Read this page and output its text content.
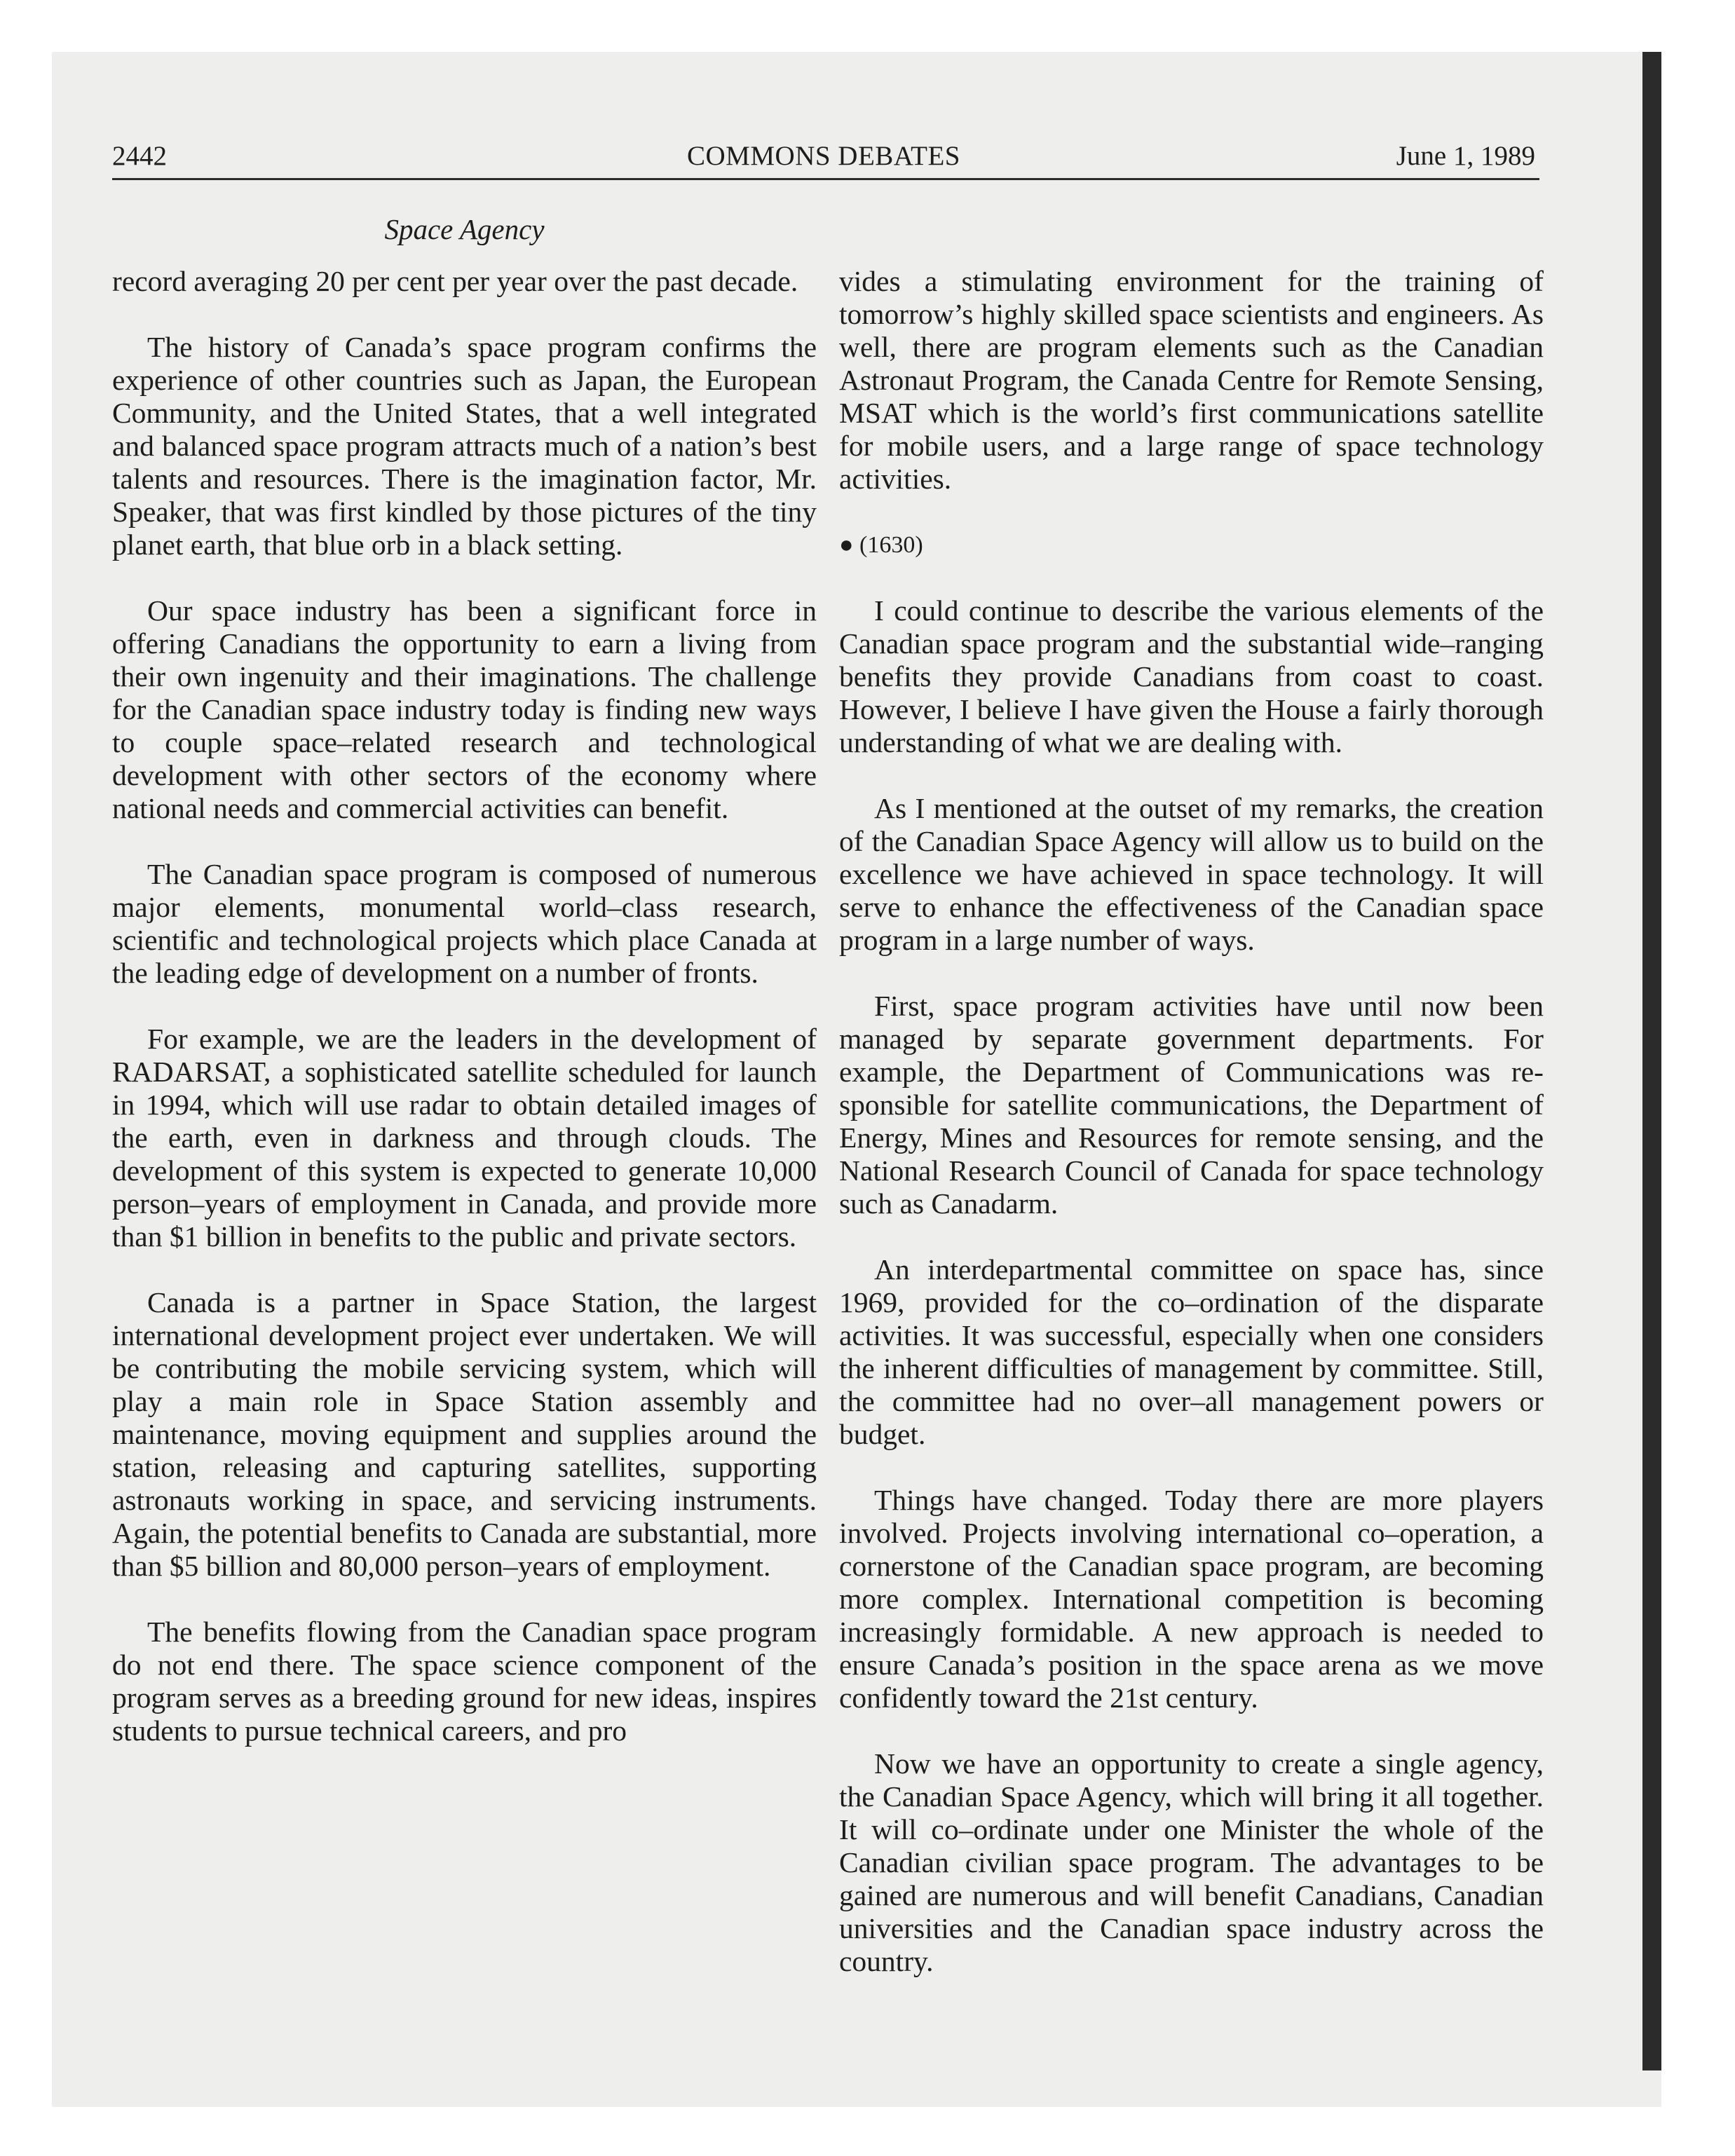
2442	COMMONS DEBATES	June 1, 1989
Space Agency

record averaging 20 per cent per year over the past decade.

The history of Canada’s space program confirms the experience of other countries such as Japan, the European Community, and the United States, that a well integrated and balanced space program attracts much of a nation’s best talents and resources. There is the imagination factor, Mr. Speaker, that was first kindled by those pictures of the tiny planet earth, that blue orb in a black setting.

Our space industry has been a significant force in offering Canadians the opportunity to earn a living from their own ingenuity and their imaginations. The challenge for the Canadian space industry today is finding new ways to couple space–related research and technological development with other sectors of the economy where national needs and commercial activities can benefit.

The Canadian space program is composed of numerous major elements, monumental world–class research, scientific and technological projects which place Canada at the leading edge of development on a number of fronts.

For example, we are the leaders in the development of RADARSAT, a sophisticated satellite scheduled for launch in 1994, which will use radar to obtain detailed images of the earth, even in darkness and through clouds. The development of this system is expected to generate 10,000 person–years of employment in Canada, and provide more than $1 billion in benefits to the public and private sectors.

Canada is a partner in Space Station, the largest international development project ever undertaken. We will be contributing the mobile servicing system, which will play a main role in Space Station assembly and maintenance, moving equipment and supplies around the station, releasing and capturing satellites, supporting astronauts working in space, and servicing instruments. Again, the potential benefits to Canada are substantial, more than $5 billion and 80,000 person–years of employment.

The benefits flowing from the Canadian space program do not end there. The space science component of the program serves as a breeding ground for new ideas, inspires students to pursue technical careers, and pro

vides a stimulating environment for the training of tomorrow’s highly skilled space scientists and engineers. As well, there are program elements such as the Canadian Astronaut Program, the Canada Centre for Remote Sensing, MSAT which is the world’s first communications satellite for mobile users, and a large range of space technology activities.

● (1630)

I could continue to describe the various elements of the Canadian space program and the substantial wide–ranging benefits they provide Canadians from coast to coast. However, I believe I have given the House a fairly thorough understanding of what we are dealing with.

As I mentioned at the outset of my remarks, the creation of the Canadian Space Agency will allow us to build on the excellence we have achieved in space technology. It will serve to enhance the effectiveness of the Canadian space program in a large number of ways.

First, space program activities have until now been managed by separate government departments. For example, the Department of Communications was responsible for satellite communications, the Department of Energy, Mines and Resources for remote sensing, and the National Research Council of Canada for space technology such as Canadarm.

An interdepartmental committee on space has, since 1969, provided for the co–ordination of the disparate activities. It was successful, especially when one considers the inherent difficulties of management by committee. Still, the committee had no over–all management powers or budget.

Things have changed. Today there are more players involved. Projects involving international co–operation, a cornerstone of the Canadian space program, are becoming more complex. International competition is becoming increasingly formidable. A new approach is needed to ensure Canada’s position in the space arena as we move confidently toward the 21st century.

Now we have an opportunity to create a single agency, the Canadian Space Agency, which will bring it all together. It will co–ordinate under one Minister the whole of the Canadian civilian space program. The advantages to be gained are numerous and will benefit Canadians, Canadian universities and the Canadian space industry across the country.
